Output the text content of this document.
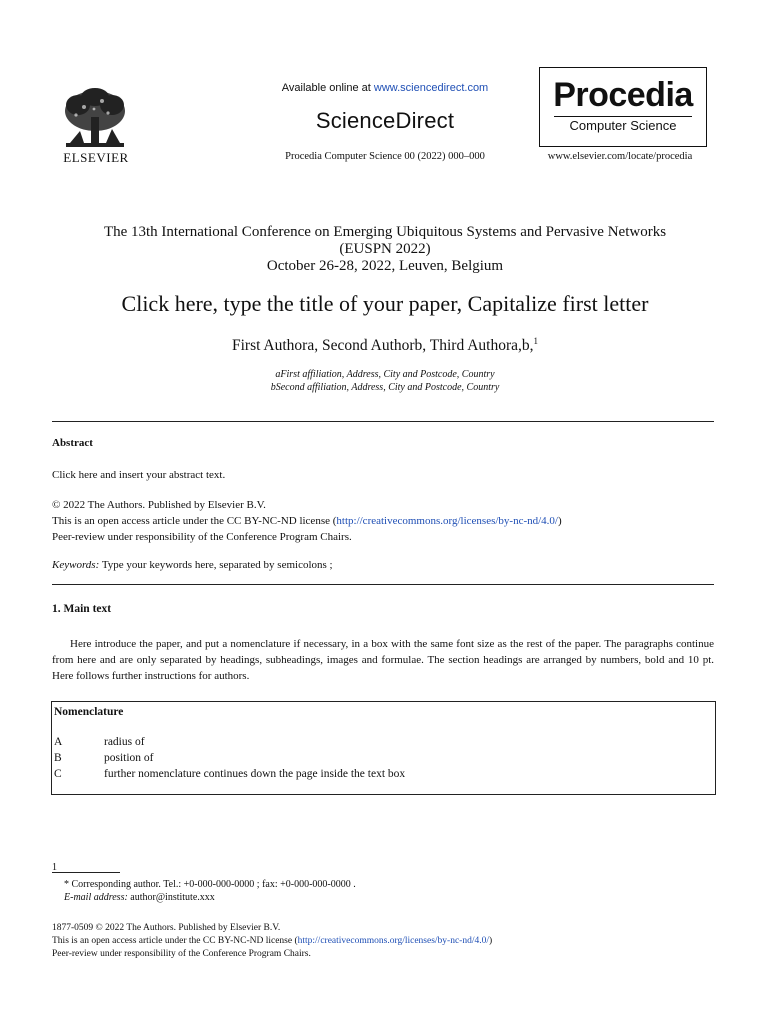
ELSEVIER
Available online at www.sciencedirect.com
ScienceDirect
Procedia Computer Science 00 (2022) 000–000
Procedia
Computer Science
www.elsevier.com/locate/procedia
The 13th International Conference on Emerging Ubiquitous Systems and Pervasive Networks
(EUSPN 2022)
October 26-28, 2022, Leuven, Belgium
Click here, type the title of your paper, Capitalize first letter
First Authora, Second Authorb, Third Authora,b,$^1$
aFirst affiliation, Address, City and Postcode, Country
bSecond affiliation, Address, City and Postcode, Country
Abstract
Click here and insert your abstract text.
© 2022 The Authors. Published by Elsevier B.V.
This is an open access article under the CC BY-NC-ND license (http://creativecommons.org/licenses/by-nc-nd/4.0/)
Peer-review under responsibility of the Conference Program Chairs.
Keywords: Type your keywords here, separated by semicolons ;
1. Main text
Here introduce the paper, and put a nomenclature if necessary, in a box with the same font size as the rest of the paper. The paragraphs continue from here and are only separated by headings, subheadings, images and formulae. The section headings are arranged by numbers, bold and 10 pt. Here follows further instructions for authors.
Nomenclature
A	radius of
B	position of
C	further nomenclature continues down the page inside the text box
1
* Corresponding author. Tel.: +0-000-000-0000 ; fax: +0-000-000-0000 .
E-mail address: author@institute.xxx
1877-0509 © 2022 The Authors. Published by Elsevier B.V.
This is an open access article under the CC BY-NC-ND license (http://creativecommons.org/licenses/by-nc-nd/4.0/)
Peer-review under responsibility of the Conference Program Chairs.
